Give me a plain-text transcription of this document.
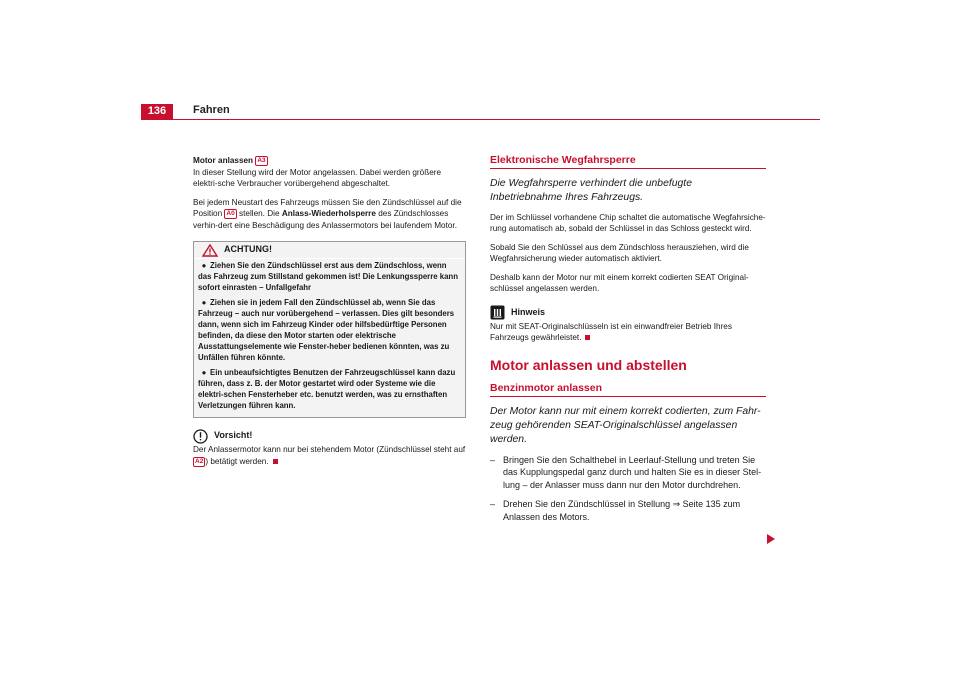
136	Fahren

Motor anlassen A3
In dieser Stellung wird der Motor angelassen. Dabei werden größere elektri-sche Verbraucher vorübergehend abgeschaltet.

Bei jedem Neustart des Fahrzeugs müssen Sie den Zündschlüssel auf die Position A0 stellen. Die Anlass-Wiederholsperre des Zündschlosses verhin-dert eine Beschädigung des Anlassermotors bei laufendem Motor.

ACHTUNG!
● Ziehen Sie den Zündschlüssel erst aus dem Zündschloss, wenn das Fahrzeug zum Stillstand gekommen ist! Die Lenkungssperre kann sofort einrasten – Unfallgefahr
● Ziehen sie in jedem Fall den Zündschlüssel ab, wenn Sie das Fahrzeug – auch nur vorübergehend – verlassen. Dies gilt besonders dann, wenn sich im Fahrzeug Kinder oder hilfsbedürftige Personen befinden, da diese den Motor starten oder elektrische Ausstattungselemente wie Fenster-heber bedienen könnten, was zu Unfällen führen könnte.
● Ein unbeaufsichtigtes Benutzen der Fahrzeugschlüssel kann dazu führen, dass z. B. der Motor gestartet wird oder Systeme wie die elektri-schen Fensterheber etc. benutzt werden, was zu ernsthaften Verletzungen führen kann.
Vorsicht!

Der Anlassermotor kann nur bei stehendem Motor (Zündschlüssel steht auf A2 ) betätigt werden.

Elektronische Wegfahrsperre
Die Wegfahrsperre verhindert die unbefugte Inbetriebnahme Ihres Fahrzeugs.

Der im Schlüssel vorhandene Chip schaltet die automatische Wegfahrsiche-rung automatisch ab, sobald der Schlüssel in das Schloss gesteckt wird.

Sobald Sie den Schlüssel aus dem Zündschloss herausziehen, wird die Wegfahrsicherung wieder automatisch aktiviert.

Deshalb kann der Motor nur mit einem korrekt codierten SEAT Original-schlüssel angelassen werden.

Hinweis

Nur mit SEAT-Originalschlüsseln ist ein einwandfreier Betrieb Ihres Fahrzeugs gewährleistet.

Motor anlassen und abstellen
Benzinmotor anlassen
Der Motor kann nur mit einem korrekt codierten, zum Fahr-zeug gehörenden SEAT-Originalschlüssel angelassen werden.
– Bringen Sie den Schalthebel in Leerlauf-Stellung und treten Sie das Kupplungspedal ganz durch und halten Sie es in dieser Stel-lung – der Anlasser muss dann nur den Motor durchdrehen.
– Drehen Sie den Zündschlüssel in Stellung ⇒ Seite 135 zum Anlassen des Motors.
